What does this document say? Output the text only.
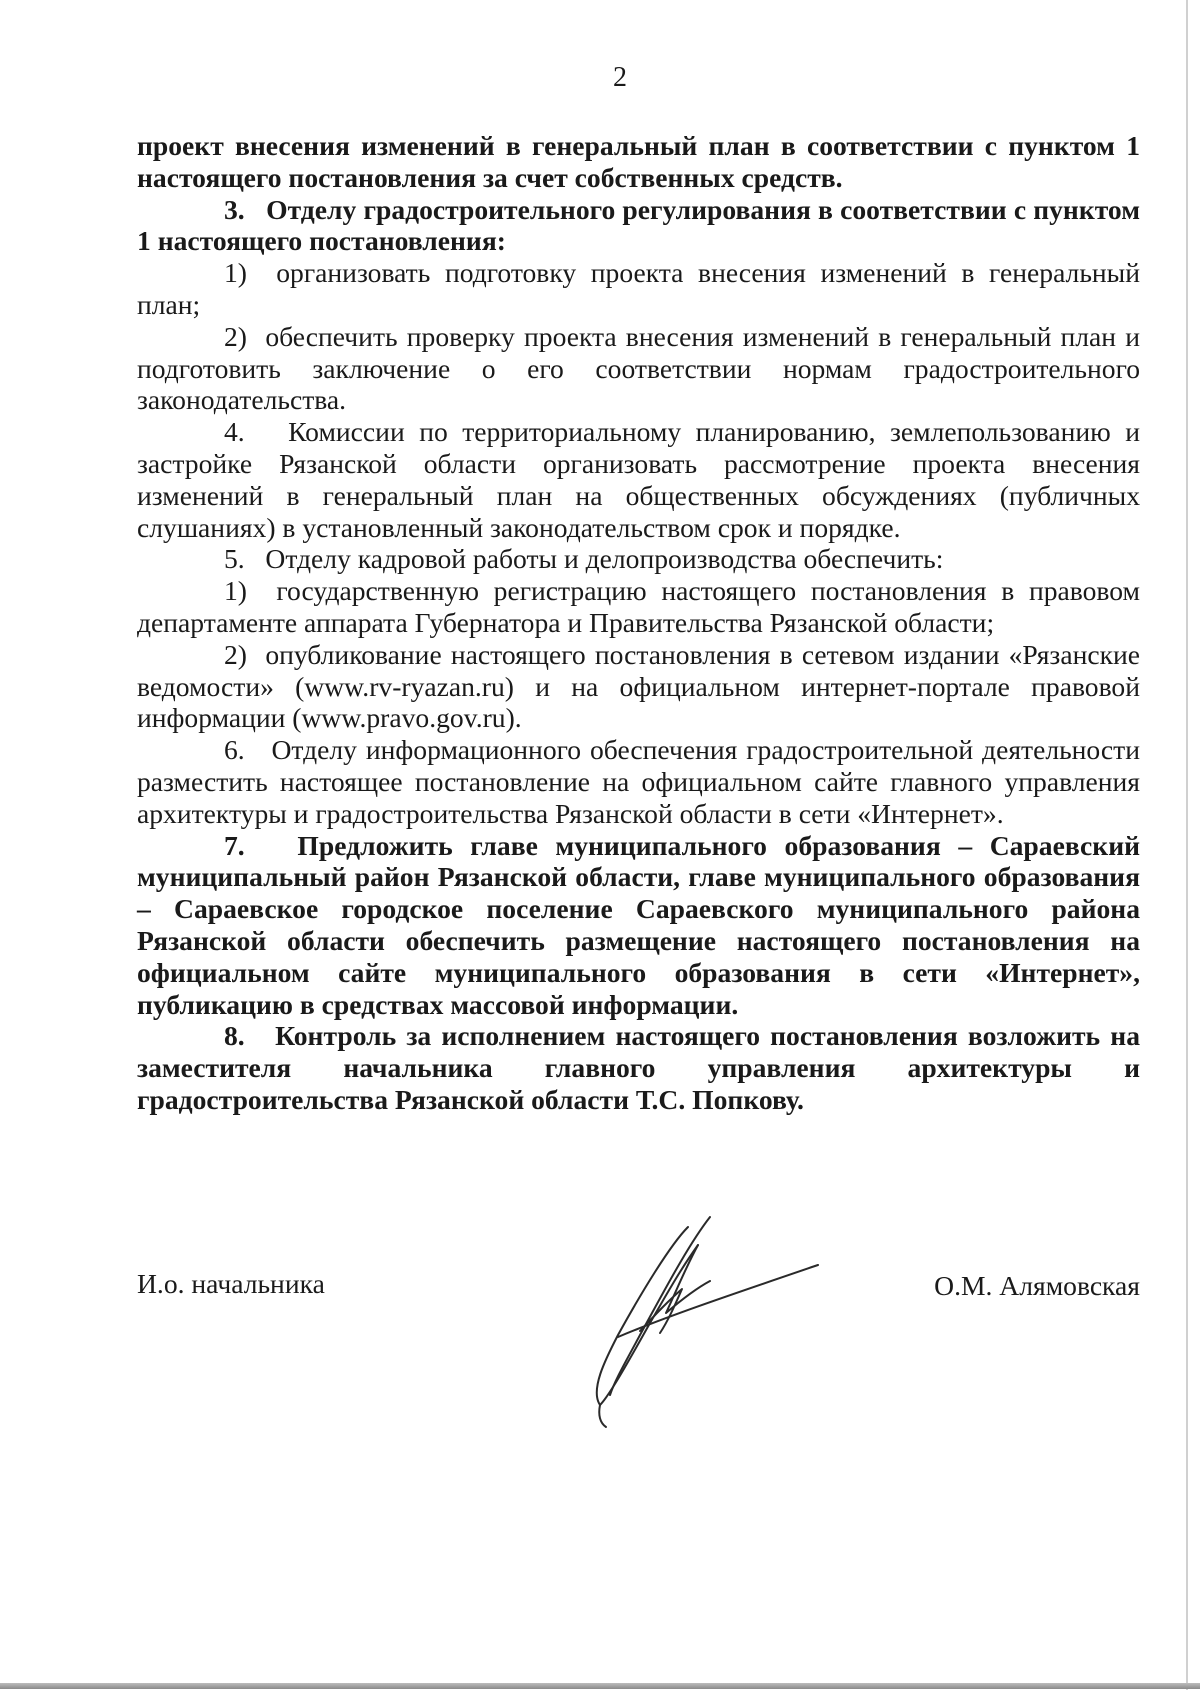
2

проект внесения изменений в генеральный план в соответствии с пунктом 1 настоящего постановления за счет собственных средств.

3.   Отделу градостроительного регулирования в соответствии с пунктом 1 настоящего постановления:

1)  организовать подготовку проекта внесения изменений в генеральный план;

2)  обеспечить проверку проекта внесения изменений в генеральный план и подготовить заключение о его соответствии нормам градостроительного законодательства.

4.   Комиссии по территориальному планированию, землепользованию и застройке Рязанской области организовать рассмотрение проекта внесения изменений в генеральный план на общественных обсуждениях (публичных слушаниях) в установленный законодательством срок и порядке.

5.   Отделу кадровой работы и делопроизводства обеспечить:

1)  государственную регистрацию настоящего постановления в правовом департаменте аппарата Губернатора и Правительства Рязанской области;

2)  опубликование настоящего постановления в сетевом издании «Рязанские ведомости» (www.rv-ryazan.ru) и на официальном интернет-портале правовой информации (www.pravo.gov.ru).

6.   Отделу информационного обеспечения градостроительной деятельности разместить настоящее постановление на официальном сайте главного управления архитектуры и градостроительства Рязанской области в сети «Интернет».

7.   Предложить главе муниципального образования – Сараевский муниципальный район Рязанской области, главе муниципального образования – Сараевское городское поселение Сараевского муниципального района Рязанской области обеспечить размещение настоящего постановления на официальном сайте муниципального образования в сети «Интернет», публикацию в средствах массовой информации.

8.   Контроль за исполнением настоящего постановления возложить на заместителя начальника главного управления архитектуры и градостроительства Рязанской области Т.С. Попкову.

И.о. начальника	О.М. Алямовская
